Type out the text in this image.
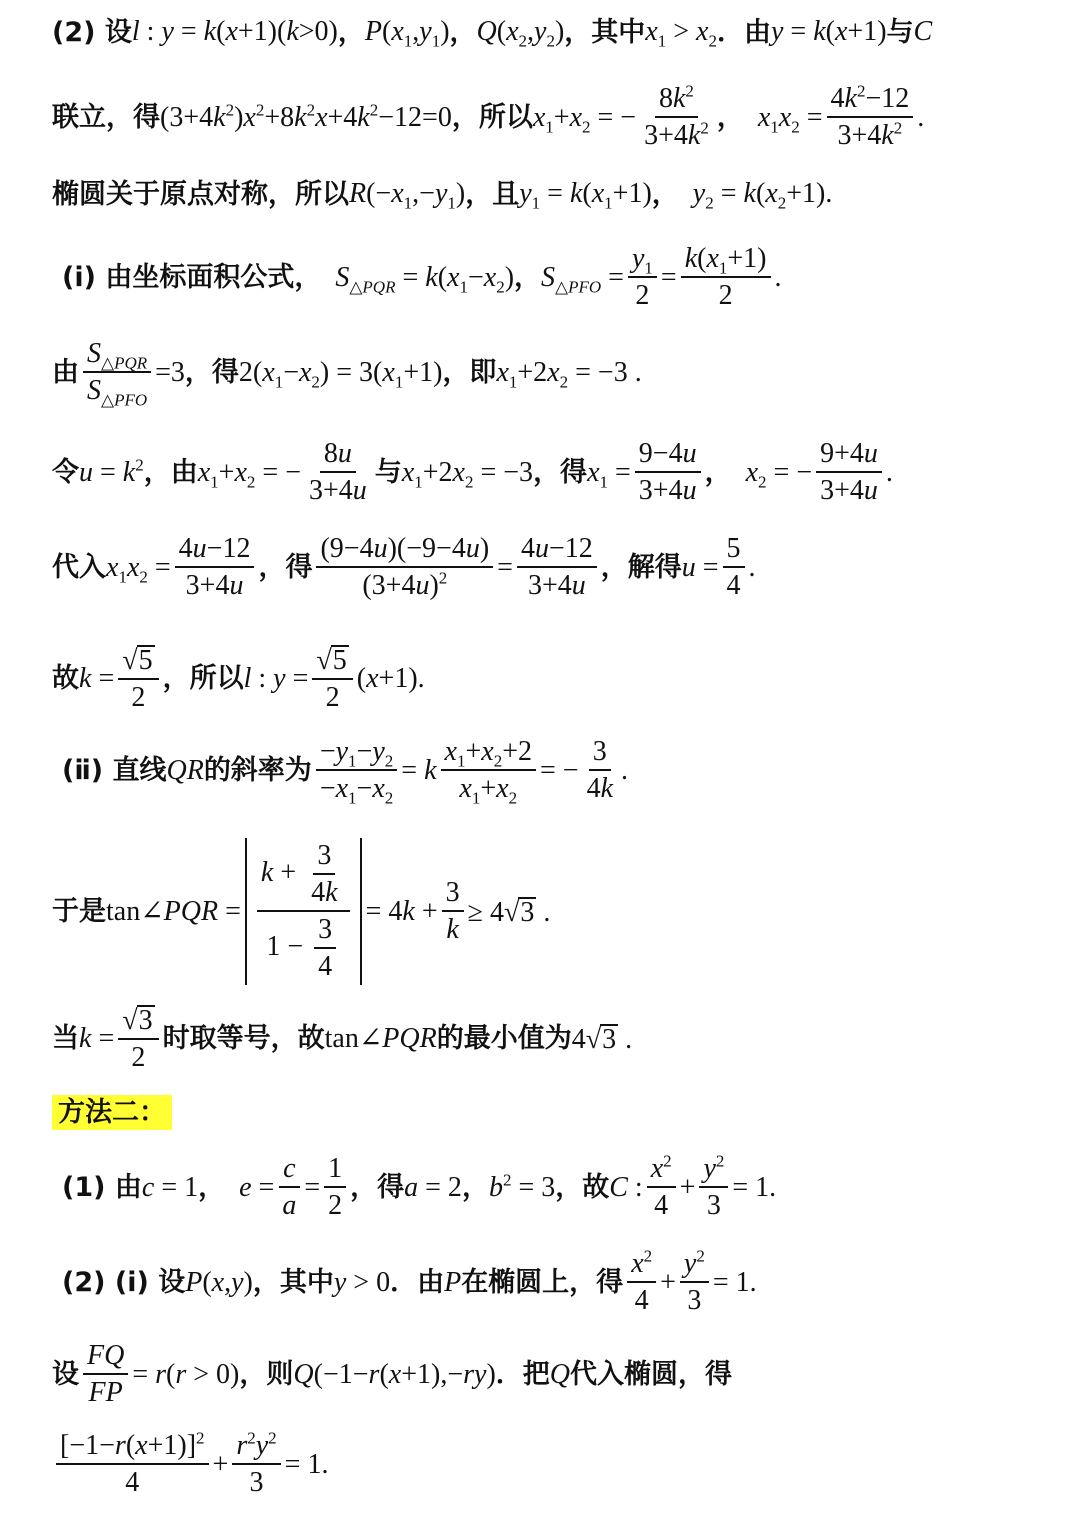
(2) 设 l : y = k(x+1)(k>0) ， $P(x_1,y_1)$ ， $Q(x_2,y_2)$ ，其中 $x_1 > x_2$ ．由 y = k(x+1) 与 C
联立，得 $(3+4k^2)x^2+8k^2x+4k^2-12=0$ ，所以 $x_1+x_2$ = − $\frac{8k^2}{3+4k^2}$ ， $x_1x_2 = \frac{4k^2-12}{3+4k^2}$ .
椭圆关于原点对称，所以 $R(-x_1,-y_1)$ ，且 $y_1 = k(x_1+1)$ ， $y_2 = k(x_2+1)$.
(ⅰ) 由坐标面积公式， $S_{\triangle PQR} = k(x_1-x_2)$ ， $S_{\triangle PFO} = \frac{y_1}{2} = \frac{k(x_1+1)}{2}$ .
由 $\frac{S_{\triangle PQR}}{S_{\triangle PFO}} =3$ ，得 $2(x_1-x_2) = 3(x_1+1)$ ，即 $x_1+2x_2 = -3$ .
令 $u = k^2$ ，由 $x_1+x_2$ = − $\frac{8u}{3+4u}$ 与 $x_1+2x_2 = -3$ ，得 $x_1 = \frac{9-4u}{3+4u}$ ， $x_2$ = − $\frac{9+4u}{3+4u}$ .
代入 $x_1x_2 = \frac{4u-12}{3+4u}$ ，得 $\frac{(9-4u)(-9-4u)}{(3+4u)^2} = \frac{4u-12}{3+4u}$ ，解得 $u = \frac{5}{4}$ .
故 $k = \frac{√ 5}{2}$ ，所以 l : $y = \frac{√ 5}{2} (x+1)$.
(ⅱ) 直线 QR 的斜率为 $\frac{-y_1-y_2}{-x_1-x_2} = k \frac{x_1+x_2+2}{x_1+x_2}$ = − $\frac{3}{4k}$ .
于是 tan∠PQR = $\frac{k + \frac{3}{4k}}{1 - \frac{3}{4}} = 4k + \frac{3}{k} \ge 4√$ 3 .
当 $k = \frac{√ 3}{2}$ 时取等号，故 tan∠PQR 的最小值为 4√ 3 .
方法二：
(1) 由 c = 1 ， $e = \frac{c}{a} = \frac{1}{2}$ ，得 a = 2 ， $b^2 = 3$ ，故 C : $\frac{x^2}{4} + \frac{y^2}{3} = 1$.
(2) (ⅰ) 设 P(x,y) ，其中 y > 0 ．由 P 在椭圆上，得 $\frac{x^2}{4} + \frac{y^2}{3} = 1$.
设 $\frac{FQ}{FP} = r(r > 0)$ ，则 Q(−1−r(x+1),−ry) ．把 Q 代入椭圆，得
$\frac{[-1-r(x+1)]^2}{4} + \frac{r^2y^2}{3} = 1$.
